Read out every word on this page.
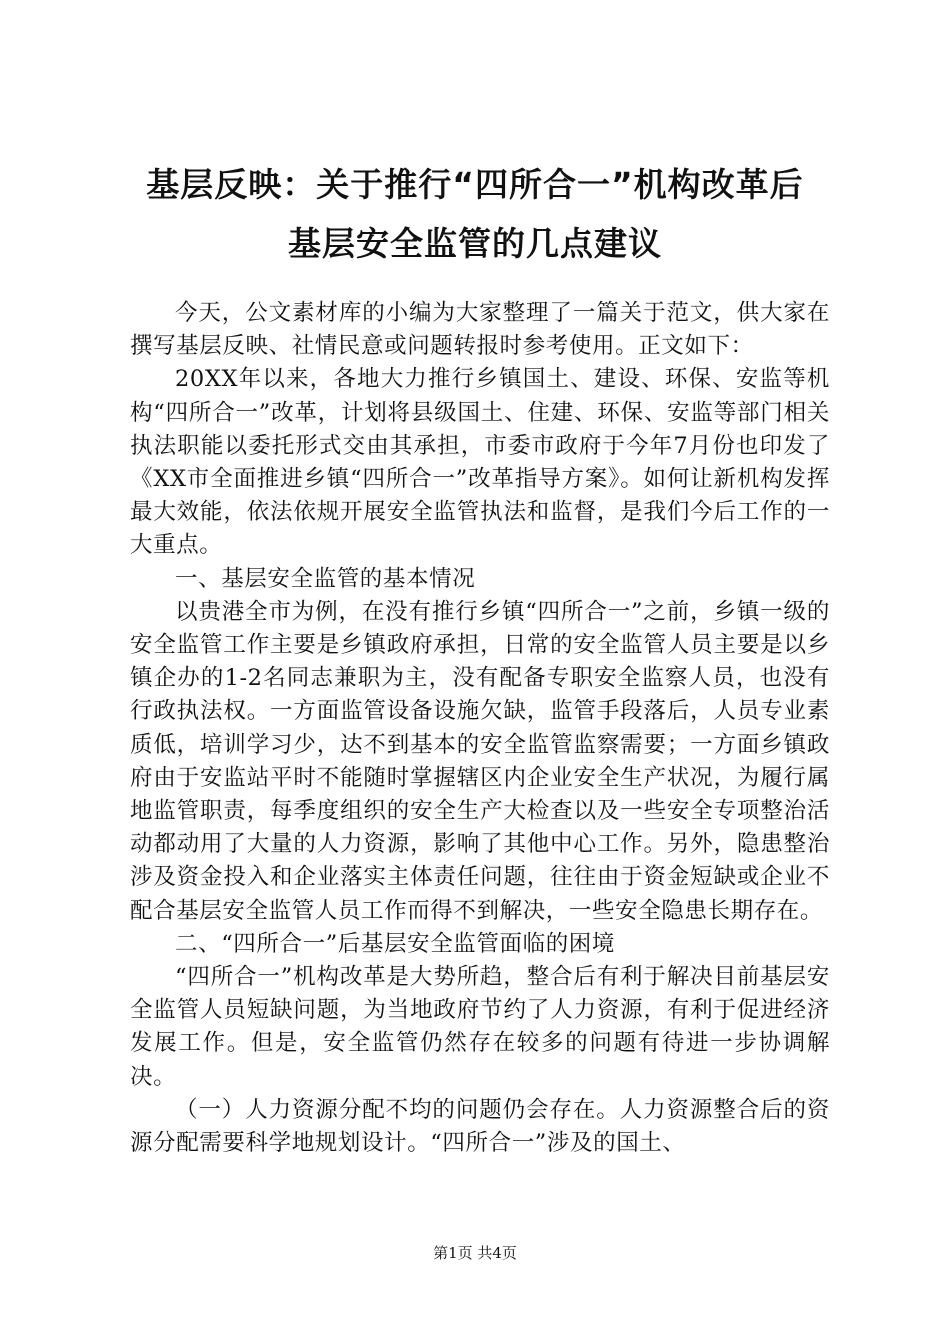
基层反映：关于推行“四所合一”机构改革后
基层安全监管的几点建议

今天，公文素材库的小编为大家整理了一篇关于范文，供大家在撰写基层反映、社情民意或问题转报时参考使用。正文如下：

20XX年以来，各地大力推行乡镇国土、建设、环保、安监等机构“四所合一”改革，计划将县级国土、住建、环保、安监等部门相关执法职能以委托形式交由其承担，市委市政府于今年7月份也印发了《XX市全面推进乡镇“四所合一”改革指导方案》。如何让新机构发挥最大效能，依法依规开展安全监管执法和监督，是我们今后工作的一大重点。

一、基层安全监管的基本情况

以贵港全市为例，在没有推行乡镇“四所合一”之前，乡镇一级的安全监管工作主要是乡镇政府承担，日常的安全监管人员主要是以乡镇企办的1-2名同志兼职为主，没有配备专职安全监察人员，也没有行政执法权。一方面监管设备设施欠缺，监管手段落后，人员专业素质低，培训学习少，达不到基本的安全监管监察需要；一方面乡镇政府由于安监站平时不能随时掌握辖区内企业安全生产状况，为履行属地监管职责，每季度组织的安全生产大检查以及一些安全专项整治活动都动用了大量的人力资源，影响了其他中心工作。另外，隐患整治涉及资金投入和企业落实主体责任问题，往往由于资金短缺或企业不配合基层安全监管人员工作而得不到解决，一些安全隐患长期存在。

二、“四所合一”后基层安全监管面临的困境

“四所合一”机构改革是大势所趋，整合后有利于解决目前基层安全监管人员短缺问题，为当地政府节约了人力资源，有利于促进经济发展工作。但是，安全监管仍然存在较多的问题有待进一步协调解决。

（一）人力资源分配不均的问题仍会存在。人力资源整合后的资源分配需要科学地规划设计。“四所合一”涉及的国土、

第1页 共4页
